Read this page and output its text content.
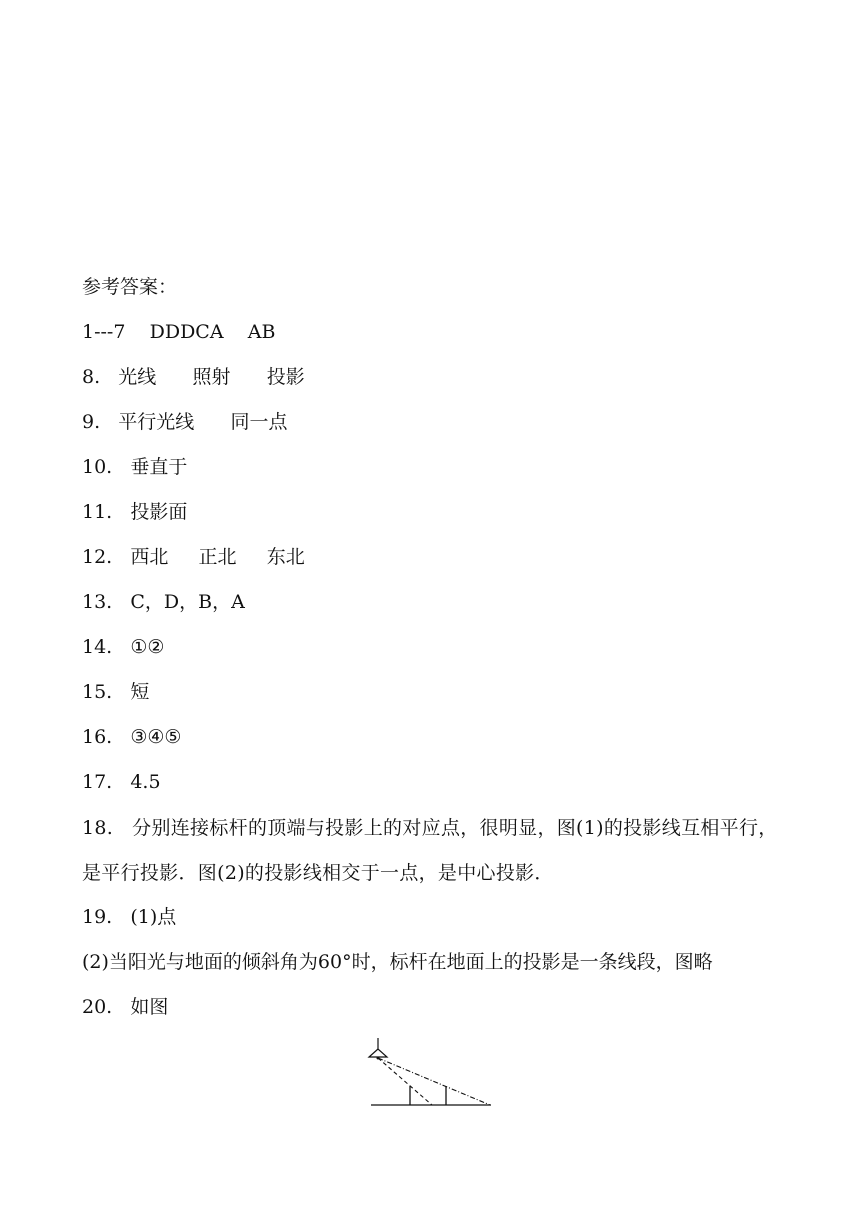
参考答案：
1---7 DDDCA    AB
8. 光线      照射      投影
9. 平行光线      同一点
10. 垂直于
11. 投影面
12. 西北     正北     东北
13. C，D，B，A
14. ①②
15. 短
16. ③④⑤
17. 4.5
18. 分别连接标杆的顶端与投影上的对应点，很明显，图(1)的投影线互相平行，是平行投影．图(2)的投影线相交于一点，是中心投影．
19. (1)点
(2)当阳光与地面的倾斜角为60°时，标杆在地面上的投影是一条线段，图略
20. 如图
